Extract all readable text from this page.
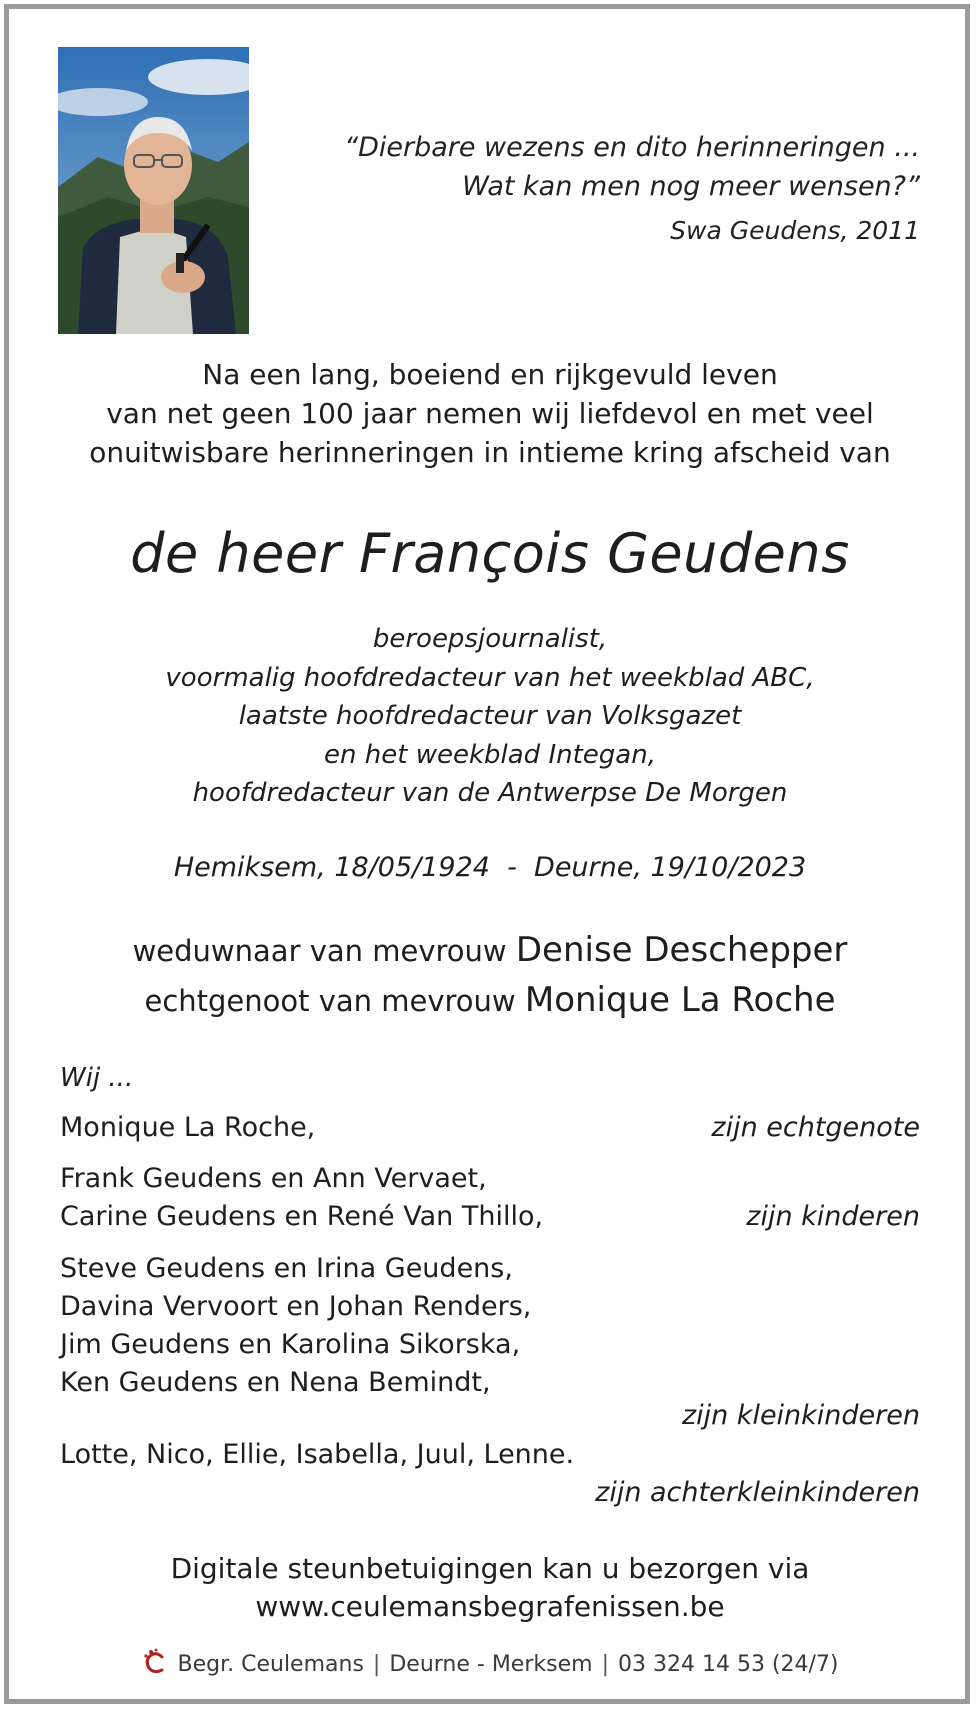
“Dierbare wezens en dito herinneringen ...
Wat kan men nog meer wensen?”
Swa Geudens, 2011
Na een lang, boeiend en rijkgevuld leven
van net geen 100 jaar nemen wij liefdevol en met veel
onuitwisbare herinneringen in intieme kring afscheid van
de heer François Geudens
beroepsjournalist,
voormalig hoofdredacteur van het weekblad ABC,
laatste hoofdredacteur van Volksgazet
en het weekblad Integan,
hoofdredacteur van de Antwerpse De Morgen
Hemiksem, 18/05/1924  -  Deurne, 19/10/2023
weduwnaar van mevrouw Denise Deschepper
echtgenoot van mevrouw Monique La Roche
Wij ...
Monique La Roche,	zijn echtgenote
Frank Geudens en Ann Vervaet,
Carine Geudens en René Van Thillo,	zijn kinderen
Steve Geudens en Irina Geudens,
Davina Vervoort en Johan Renders,
Jim Geudens en Karolina Sikorska,
Ken Geudens en Nena Bemindt,
zijn kleinkinderen
Lotte, Nico, Ellie, Isabella, Juul, Lenne.
zijn achterkleinkinderen
Digitale steunbetuigingen kan u bezorgen via
www.ceulemansbegrafenissen.be
Begr. Ceulemans | Deurne - Merksem | 03 324 14 53 (24/7)
